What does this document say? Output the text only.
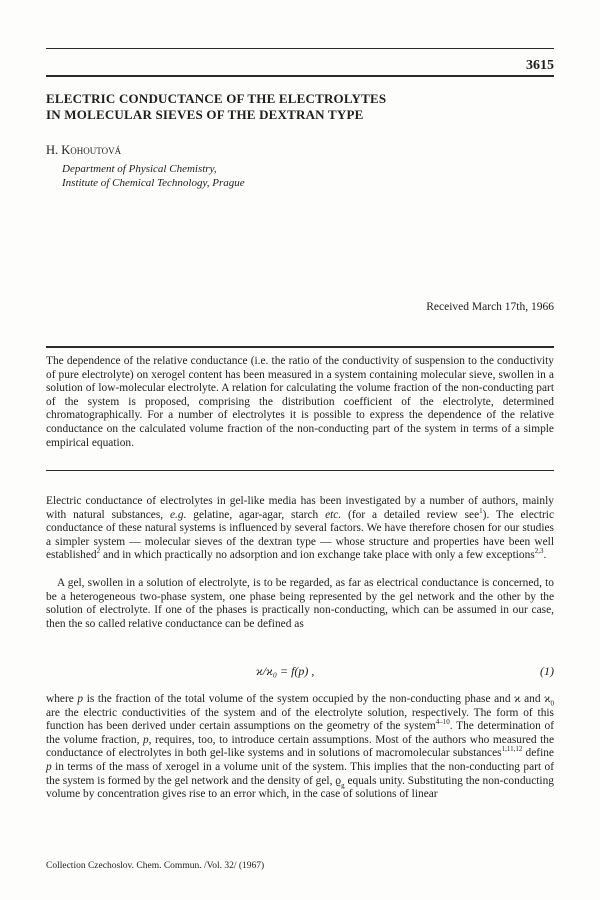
3615
ELECTRIC CONDUCTANCE OF THE ELECTROLYTES
IN MOLECULAR SIEVES OF THE DEXTRAN TYPE
H. Kohoutová
Department of Physical Chemistry,
Institute of Chemical Technology, Prague
Received March 17th, 1966
The dependence of the relative conductance (i.e. the ratio of the conductivity of suspension to the conductivity of pure electrolyte) on xerogel content has been measured in a system containing molecular sieve, swollen in a solution of low-molecular electrolyte. A relation for calculating the volume fraction of the non-conducting part of the system is proposed, comprising the distribution coefficient of the electrolyte, determined chromatographically. For a number of electrolytes it is possible to express the dependence of the relative conductance on the calculated volume fraction of the non-conducting part of the system in terms of a simple empirical equation.
Electric conductance of electrolytes in gel-like media has been investigated by a number of authors, mainly with natural substances, e.g. gelatine, agar-agar, starch etc. (for a detailed review see$^1$). The electric conductance of these natural systems is influenced by several factors. We have therefore chosen for our studies a simpler system — molecular sieves of the dextran type — whose structure and properties have been well established$^2$ and in which practically no adsorption and ion exchange take place with only a few exceptions$^{2,3}$.
A gel, swollen in a solution of electrolyte, is to be regarded, as far as electrical conductance is concerned, to be a heterogeneous two-phase system, one phase being represented by the gel network and the other by the solution of electrolyte. If one of the phases is practically non-conducting, which can be assumed in our case, then the so called relative conductance can be defined as
ϰ/ϰ₀ = f(p) ,	(1)
where p is the fraction of the total volume of the system occupied by the non-conducting phase and ϰ and $ϰ_0$ are the electric conductivities of the system and of the electrolyte solution, respectively. The form of this function has been derived under certain assumptions on the geometry of the system$^{4-10}$. The determination of the volume fraction, p, requires, too, to introduce certain assumptions. Most of the authors who measured the conductance of electrolytes in both gel-like systems and in solutions of macromolecular substances$^{1,11,12}$ define p in terms of the mass of xerogel in a volume unit of the system. This implies that the non-conducting part of the system is formed by the gel network and the density of gel, $ϱ_g$ equals unity. Substituting the non-conducting volume by concentration gives rise to an error which, in the case of solutions of linear
Collection Czechoslov. Chem. Commun. /Vol. 32/ (1967)
